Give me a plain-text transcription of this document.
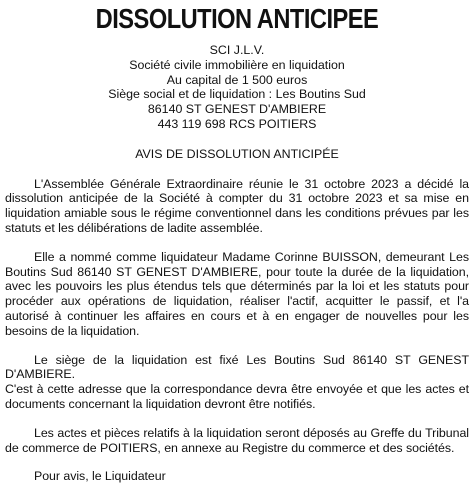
DISSOLUTION ANTICIPEE
SCI J.L.V.
Société civile immobilière en liquidation
Au capital de 1 500 euros
Siège social et de liquidation : Les Boutins Sud
86140 ST GENEST D'AMBIERE
443 119 698 RCS POITIERS
AVIS DE DISSOLUTION ANTICIPÉE

L'Assemblée Générale Extraordinaire réunie le 31 octobre 2023 a décidé la dissolution anticipée de la Société à compter du 31 octobre 2023 et sa mise en liquidation amiable sous le régime conventionnel dans les conditions prévues par les statuts et les délibérations de ladite assemblée.

Elle a nommé comme liquidateur Madame Corinne BUISSON, demeurant Les Boutins Sud 86140 ST GENEST D'AMBIERE, pour toute la durée de la liquidation, avec les pouvoirs les plus étendus tels que déterminés par la loi et les statuts pour procéder aux opérations de liquidation, réaliser l'actif, acquitter le passif, et l'a autorisé à continuer les affaires en cours et à en engager de nouvelles pour les besoins de la liquidation.

Le siège de la liquidation est fixé Les Boutins Sud 86140 ST GENEST D'AMBIERE.

C'est à cette adresse que la correspondance devra être envoyée et que les actes et documents concernant la liquidation devront être notifiés.

Les actes et pièces relatifs à la liquidation seront déposés au Greffe du Tribunal de commerce de POITIERS, en annexe au Registre du commerce et des sociétés.

Pour avis, le Liquidateur
